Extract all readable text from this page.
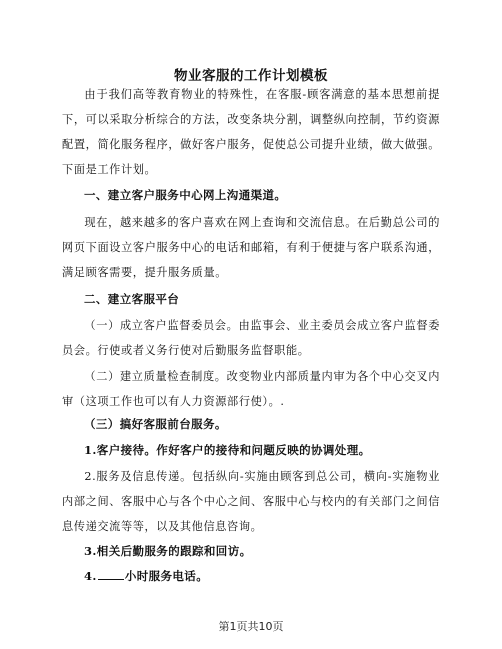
物业客服的工作计划模板
由于我们高等教育物业的特殊性，在客服-顾客满意的基本思想前提下，可以采取分析综合的方法，改变条块分割，调整纵向控制，节约资源配置，简化服务程序，做好客户服务，促使总公司提升业绩，做大做强。下面是工作计划。
一、建立客户服务中心网上沟通渠道。
现在，越来越多的客户喜欢在网上查询和交流信息。在后勤总公司的网页下面设立客户服务中心的电话和邮箱，有利于便捷与客户联系沟通，满足顾客需要，提升服务质量。
二、建立客服平台
（一）成立客户监督委员会。由监事会、业主委员会成立客户监督委员会。行使或者义务行使对后勤服务监督职能。
（二）建立质量检查制度。改变物业内部质量内审为各个中心交叉内审（这项工作也可以有人力资源部行使）。.
（三）搞好客服前台服务。
1.客户接待。作好客户的接待和问题反映的协调处理。
2.服务及信息传递。包括纵向-实施由顾客到总公司，横向-实施物业内部之间、客服中心与各个中心之间、客服中心与校内的有关部门之间信息传递交流等等，以及其他信息咨询。
3.相关后勤服务的跟踪和回访。
4. 小时服务电话。
第1页共10页
